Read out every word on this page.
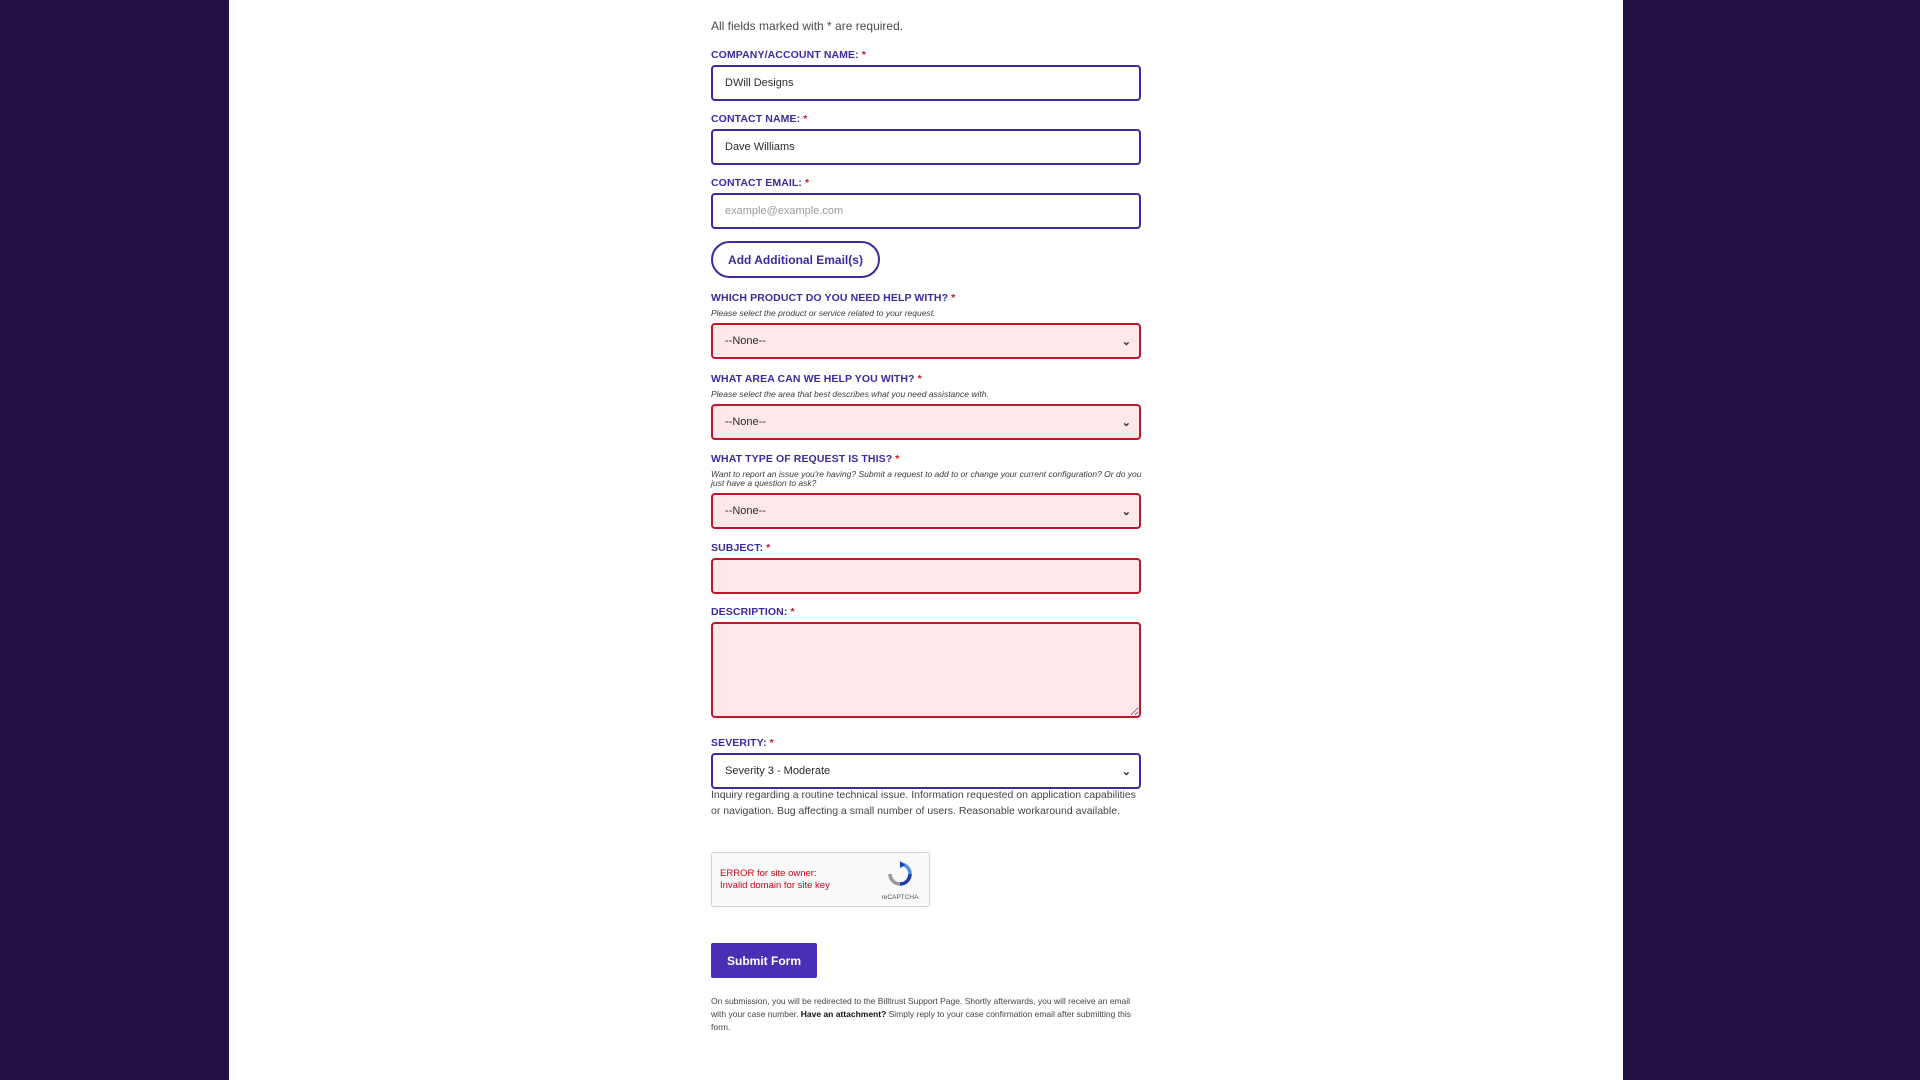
All fields marked with * are required.
COMPANY/ACCOUNT NAME: *
DWill Designs
CONTACT NAME: *
Dave Williams
CONTACT EMAIL: *
example@example.com
Add Additional Email(s)
WHICH PRODUCT DO YOU NEED HELP WITH? *
Please select the product or service related to your request.
--None--	⌄
WHAT AREA CAN WE HELP YOU WITH? *
Please select the area that best describes what you need assistance with.
--None--	⌄
WHAT TYPE OF REQUEST IS THIS? *
Want to report an issue you're having? Submit a request to add to or change your current configuration? Or do you just have a question to ask?
--None--	⌄
SUBJECT: *
DESCRIPTION: *
SEVERITY: *
Severity 3 - Moderate	⌄
Inquiry regarding a routine technical issue. Information requested on application capabilities or navigation. Bug affecting a small number of users. Reasonable workaround available.
ERROR for site owner:
Invalid domain for site key
reCAPTCHA
Submit Form
On submission, you will be redirected to the Billtrust Support Page. Shortly afterwards, you will receive an email with your case number. Have an attachment? Simply reply to your case confirmation email after submitting this form.
